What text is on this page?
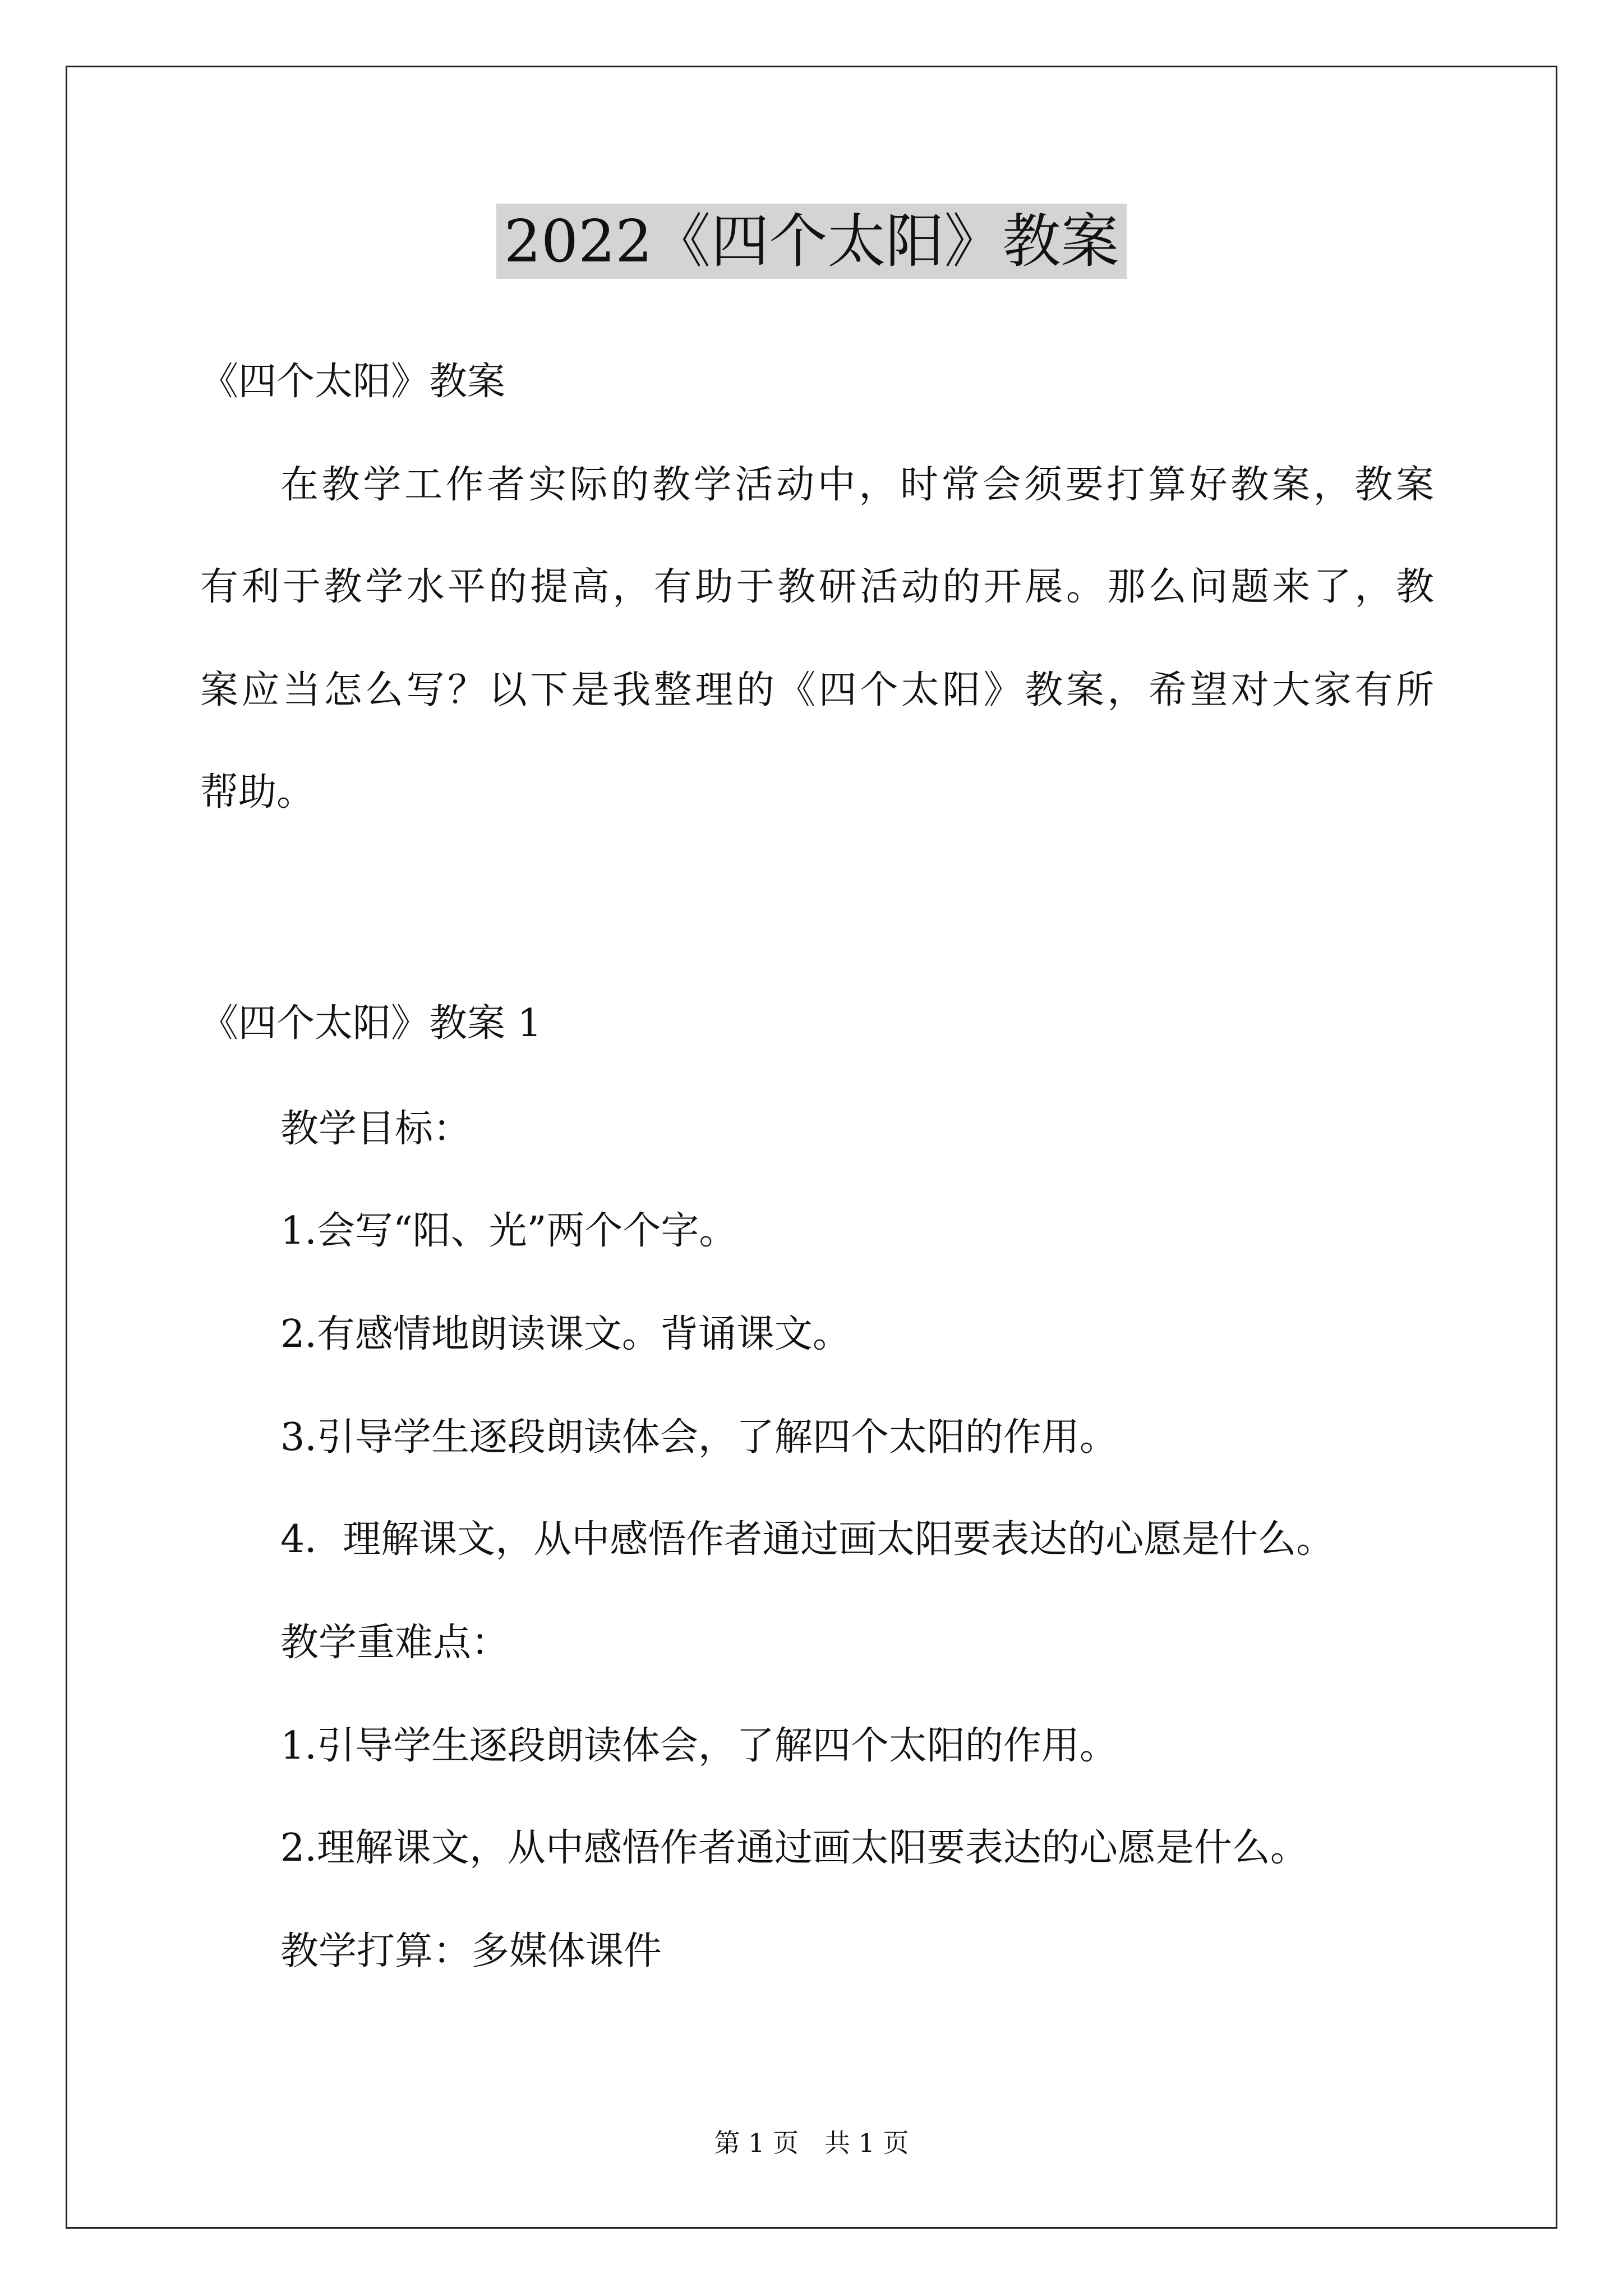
2022《四个太阳》教案

《四个太阳》教案

在教学工作者实际的教学活动中，时常会须要打算好教案，教案

有利于教学水平的提高，有助于教研活动的开展。那么问题来了，教

案应当怎么写？以下是我整理的《四个太阳》教案，希望对大家有所

帮助。

《四个太阳》教案 1

教学目标：

1.会写“阳、光”两个个字。

2.有感情地朗读课文。背诵课文。

3.引导学生逐段朗读体会，了解四个太阳的作用。

4．理解课文，从中感悟作者通过画太阳要表达的心愿是什么。

教学重难点：

1.引导学生逐段朗读体会，了解四个太阳的作用。

2.理解课文，从中感悟作者通过画太阳要表达的心愿是什么。

教学打算：多媒体课件

第 1 页　共 1 页
